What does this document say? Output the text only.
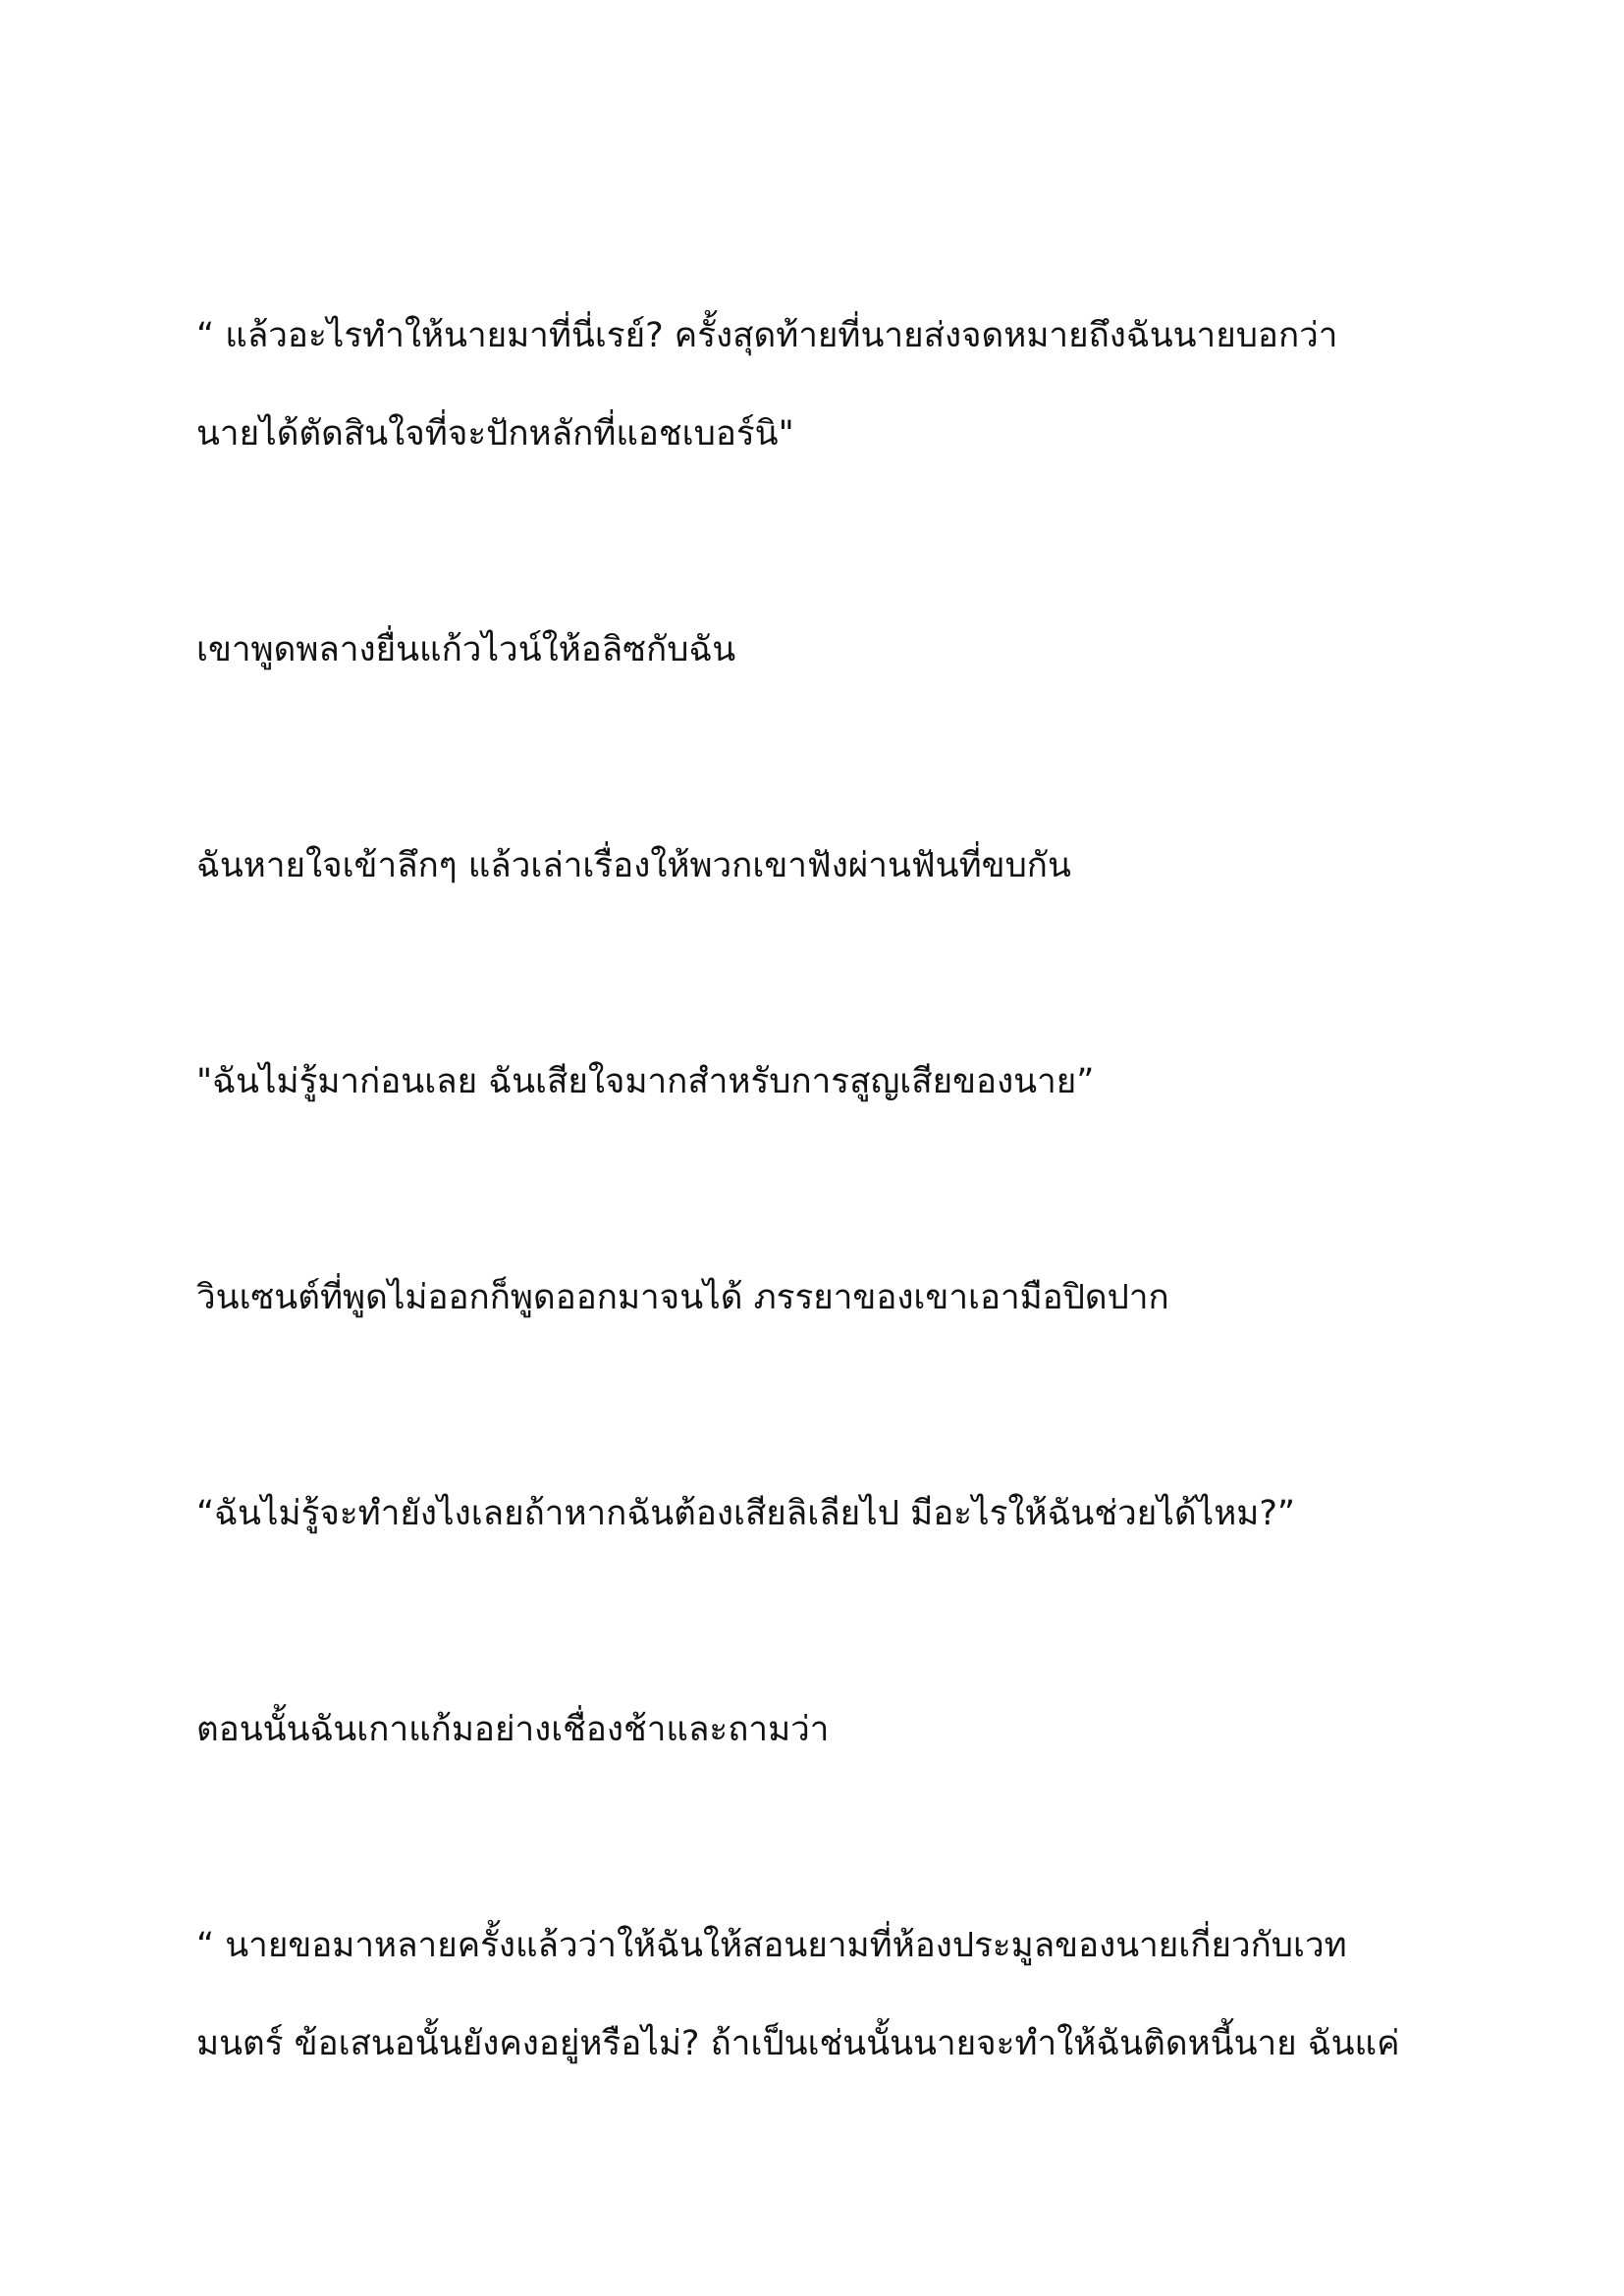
“ แล้วอะไรทำให้นายมาที่นี่เรย์? ครั้งสุดท้ายที่นายส่งจดหมายถึงฉันนายบอกว่า
นายได้ตัดสินใจที่จะปักหลักที่แอชเบอร์นิ"

เขาพูดพลางยื่นแก้วไวน์ให้อลิซกับฉัน

ฉันหายใจเข้าลึกๆ แล้วเล่าเรื่องให้พวกเขาฟังผ่านฟันที่ขบกัน

"ฉันไม่รู้มาก่อนเลย ฉันเสียใจมากสำหรับการสูญเสียของนาย”

วินเซนต์ที่พูดไม่ออกก็พูดออกมาจนได้ ภรรยาของเขาเอามือปิดปาก

“ฉันไม่รู้จะทำยังไงเลยถ้าหากฉันต้องเสียลิเลียไป มีอะไรให้ฉันช่วยได้ไหม?”

ตอนนั้นฉันเกาแก้มอย่างเชื่องช้าและถามว่า

“ นายขอมาหลายครั้งแล้วว่าให้ฉันให้สอนยามที่ห้องประมูลของนายเกี่ยวกับเวท
มนตร์ ข้อเสนอนั้นยังคงอยู่หรือไม่? ถ้าเป็นเช่นนั้นนายจะทำให้ฉันติดหนี้นาย ฉันแค่
